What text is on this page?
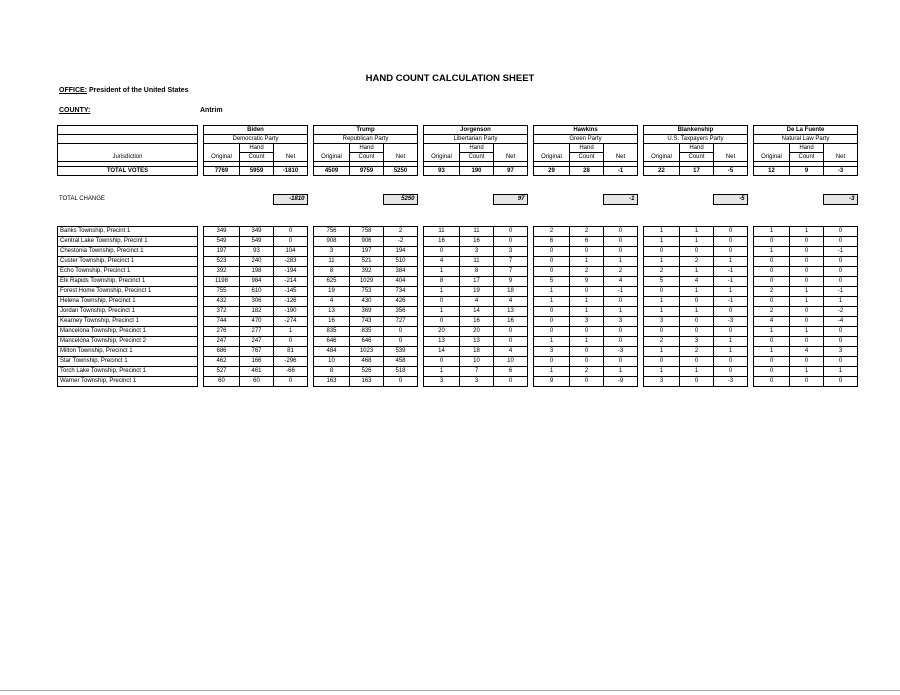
HAND COUNT CALCULATION SHEET
OFFICE: President of the United States
COUNTY:	Antrim
		Biden				Trump				Jorgenson				Hawkins				Blankenship				De La Fuente		
		Democratic Party				Republican Party				Libertarian Party				Green Party				U.S. Taxpayers Party				Natural Law Party		
Jurisdiction		Original	Hand	Net		Original	Hand	Net		Original	Hand	Net		Original	Hand	Net		Original	Hand	Net		Original	Hand	Net
			Count				Count				Count				Count				Count				Count	

TOTAL VOTES		7769	5959	-1810		4509	9759	5250		93	190	97		29	28	-1		22	17	-5		12	9	-3
TOTAL CHANGE				-1810				5250				97				-1				-5				-3
Banks Township, Precint 1		349	349	0		756	758	2		11	11	0		2	2	0		1	1	0		1	1	0
Central Lake Township, Precint 1		549	549	0		908	906	-2		16	16	0		6	6	0		1	1	0		0	0	0
Chestonia Township, Precinct 1		197	93	104		3	197	194		0	3	3		0	0	0		0	0	0		1	0	-1
Custer Township, Precinct 1		523	240	-283		11	521	510		4	11	7		0	1	1		1	2	1		0	0	0
Echo Township, Precinct 1		392	198	-194		8	392	384		1	8	7		0	2	2		2	1	-1		0	0	0
Elk Rapids Township, Precinct 1		1198	984	-214		625	1029	404		8	17	9		5	9	4		5	4	-1		0	0	0
Forest Home Township, Precinct 1		755	610	-145		19	753	734		1	19	18		1	0	-1		0	1	1		2	1	-1
Helena Township, Precinct 1		432	306	-126		4	430	426		0	4	4		1	1	0		1	0	-1		0	1	1
Jordan Township, Precinct 1		372	182	-190		13	369	356		1	14	13		0	1	1		1	1	0		2	0	-2
Kearney Township, Precinct 1		744	470	-274		16	743	727		0	16	16		0	3	3		3	0	-3		4	0	-4
Mancelona Township, Precinct 1		276	277	1		835	835	0		20	20	0		0	0	0		0	0	0		1	1	0
Mancelona Township, Precinct 2		247	247	0		646	646	0		13	13	0		1	1	0		2	3	1		0	0	0
Milton Township, Precinct 1		686	767	81		484	1023	539		14	18	4		3	0	-3		1	2	1		1	4	3
Star Township, Precinct 1		462	166	-296		10	468	458		0	10	10		0	0	0		0	0	0		0	0	0
Torch Lake Township, Precinct 1		527	461	-66		8	526	518		1	7	6		1	2	1		1	1	0		0	1	1
Warner Township, Precinct 1		60	60	0		163	163	0		3	3	0		9	0	-9		3	0	-3		0	0	0
